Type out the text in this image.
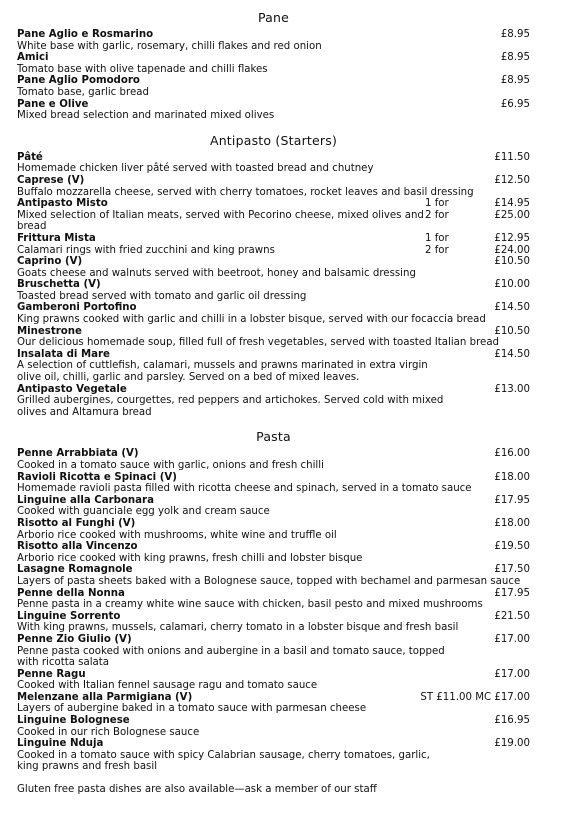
Pane
Pane Aglio e Rosmarino	£8.95
White base with garlic, rosemary, chilli flakes and red onion
Amici	£8.95
Tomato base with olive tapenade and chilli flakes
Pane Aglio Pomodoro	£8.95
Tomato base, garlic bread
Pane e Olive	£6.95
Mixed bread selection and marinated mixed olives
Antipasto (Starters)
Pâté	£11.50
Homemade chicken liver pâté served with toasted bread and chutney
Caprese (V)	£12.50
Buffalo mozzarella cheese, served with cherry tomatoes, rocket leaves and basil dressing
Antipasto Misto	1 for	£14.95
2 for	£25.00
Mixed selection of Italian meats, served with Pecorino cheese, mixed olives and bread
Frittura Mista	1 for	£12.95
2 for	£24.00
Calamari rings with fried zucchini and king prawns
Caprino (V)	£10.50
Goats cheese and walnuts served with beetroot, honey and balsamic dressing
Bruschetta (V)	£10.00
Toasted bread served with tomato and garlic oil dressing
Gamberoni Portofino	£14.50
King prawns cooked with garlic and chilli in a lobster bisque, served with our focaccia bread
Minestrone	£10.50
Our delicious homemade soup, filled full of fresh vegetables, served with toasted Italian bread
Insalata di Mare	£14.50
A selection of cuttlefish, calamari, mussels and prawns marinated in extra virgin olive oil, chilli, garlic and parsley. Served on a bed of mixed leaves.
Antipasto Vegetale	£13.00
Grilled aubergines, courgettes, red peppers and artichokes. Served cold with mixed olives and Altamura bread
Pasta
Penne Arrabbiata (V)	£16.00
Cooked in a tomato sauce with garlic, onions and fresh chilli
Ravioli Ricotta e Spinaci (V)	£18.00
Homemade ravioli pasta filled with ricotta cheese and spinach, served in a tomato sauce
Linguine alla Carbonara	£17.95
Cooked with guanciale egg yolk and cream sauce
Risotto al Funghi (V)	£18.00
Arborio rice cooked with mushrooms, white wine and truffle oil
Risotto alla Vincenzo	£19.50
Arborio rice cooked with king prawns, fresh chilli and lobster bisque
Lasagne Romagnole	£17.50
Layers of pasta sheets baked with a Bolognese sauce, topped with bechamel and parmesan sauce
Penne della Nonna	£17.95
Penne pasta in a creamy white wine sauce with chicken, basil pesto and mixed mushrooms
Linguine Sorrento	£21.50
With king prawns, mussels, calamari, cherry tomato in a lobster bisque and fresh basil
Penne Zio Giulio (V)	£17.00
Penne pasta cooked with onions and aubergine in a basil and tomato sauce, topped with ricotta salata
Penne Ragu	£17.00
Cooked with Italian fennel sausage ragu and tomato sauce
Melenzane alla Parmigiana (V)	ST £11.00 MC £17.00
Layers of aubergine baked in a tomato sauce with parmesan cheese
Linguine Bolognese	£16.95
Cooked in our rich Bolognese sauce
Linguine Nduja	£19.00
Cooked in a tomato sauce with spicy Calabrian sausage, cherry tomatoes, garlic, king prawns and fresh basil
Gluten free pasta dishes are also available—ask a member of our staff
